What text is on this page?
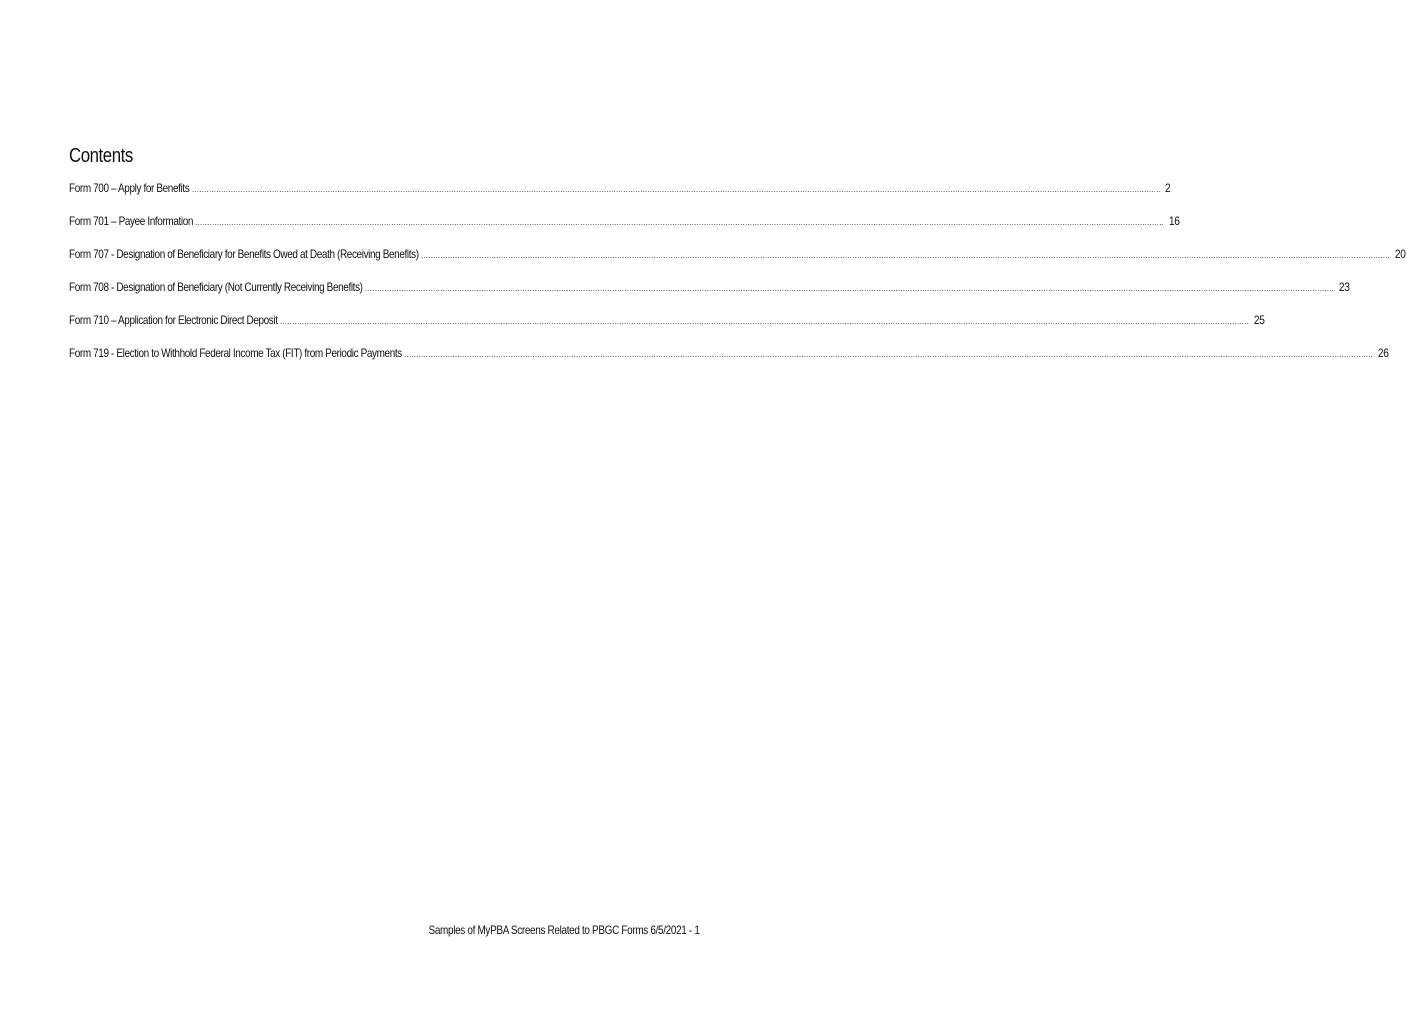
Contents
Form 700 – Apply for Benefits ................................................................................................................................................................................................................................................................................................................................................................................................................ 2
Form 701 – Payee Information ................................................................................................................................................................................................................................................................................................................................................................................................................ 16
Form 707 - Designation of Beneficiary for Benefits Owed at Death (Receiving Benefits) ................................................................................................................................................................................................................................................................................................................................................................................................................ 20
Form 708 - Designation of Beneficiary (Not Currently Receiving Benefits) ................................................................................................................................................................................................................................................................................................................................................................................................................ 23
Form 710 – Application for Electronic Direct Deposit ................................................................................................................................................................................................................................................................................................................................................................................................................ 25
Form 719 - Election to Withhold Federal Income Tax (FIT) from Periodic Payments ................................................................................................................................................................................................................................................................................................................................................................................................................ 26
Samples of MyPBA Screens Related to PBGC Forms 6/5/2021 - 1
